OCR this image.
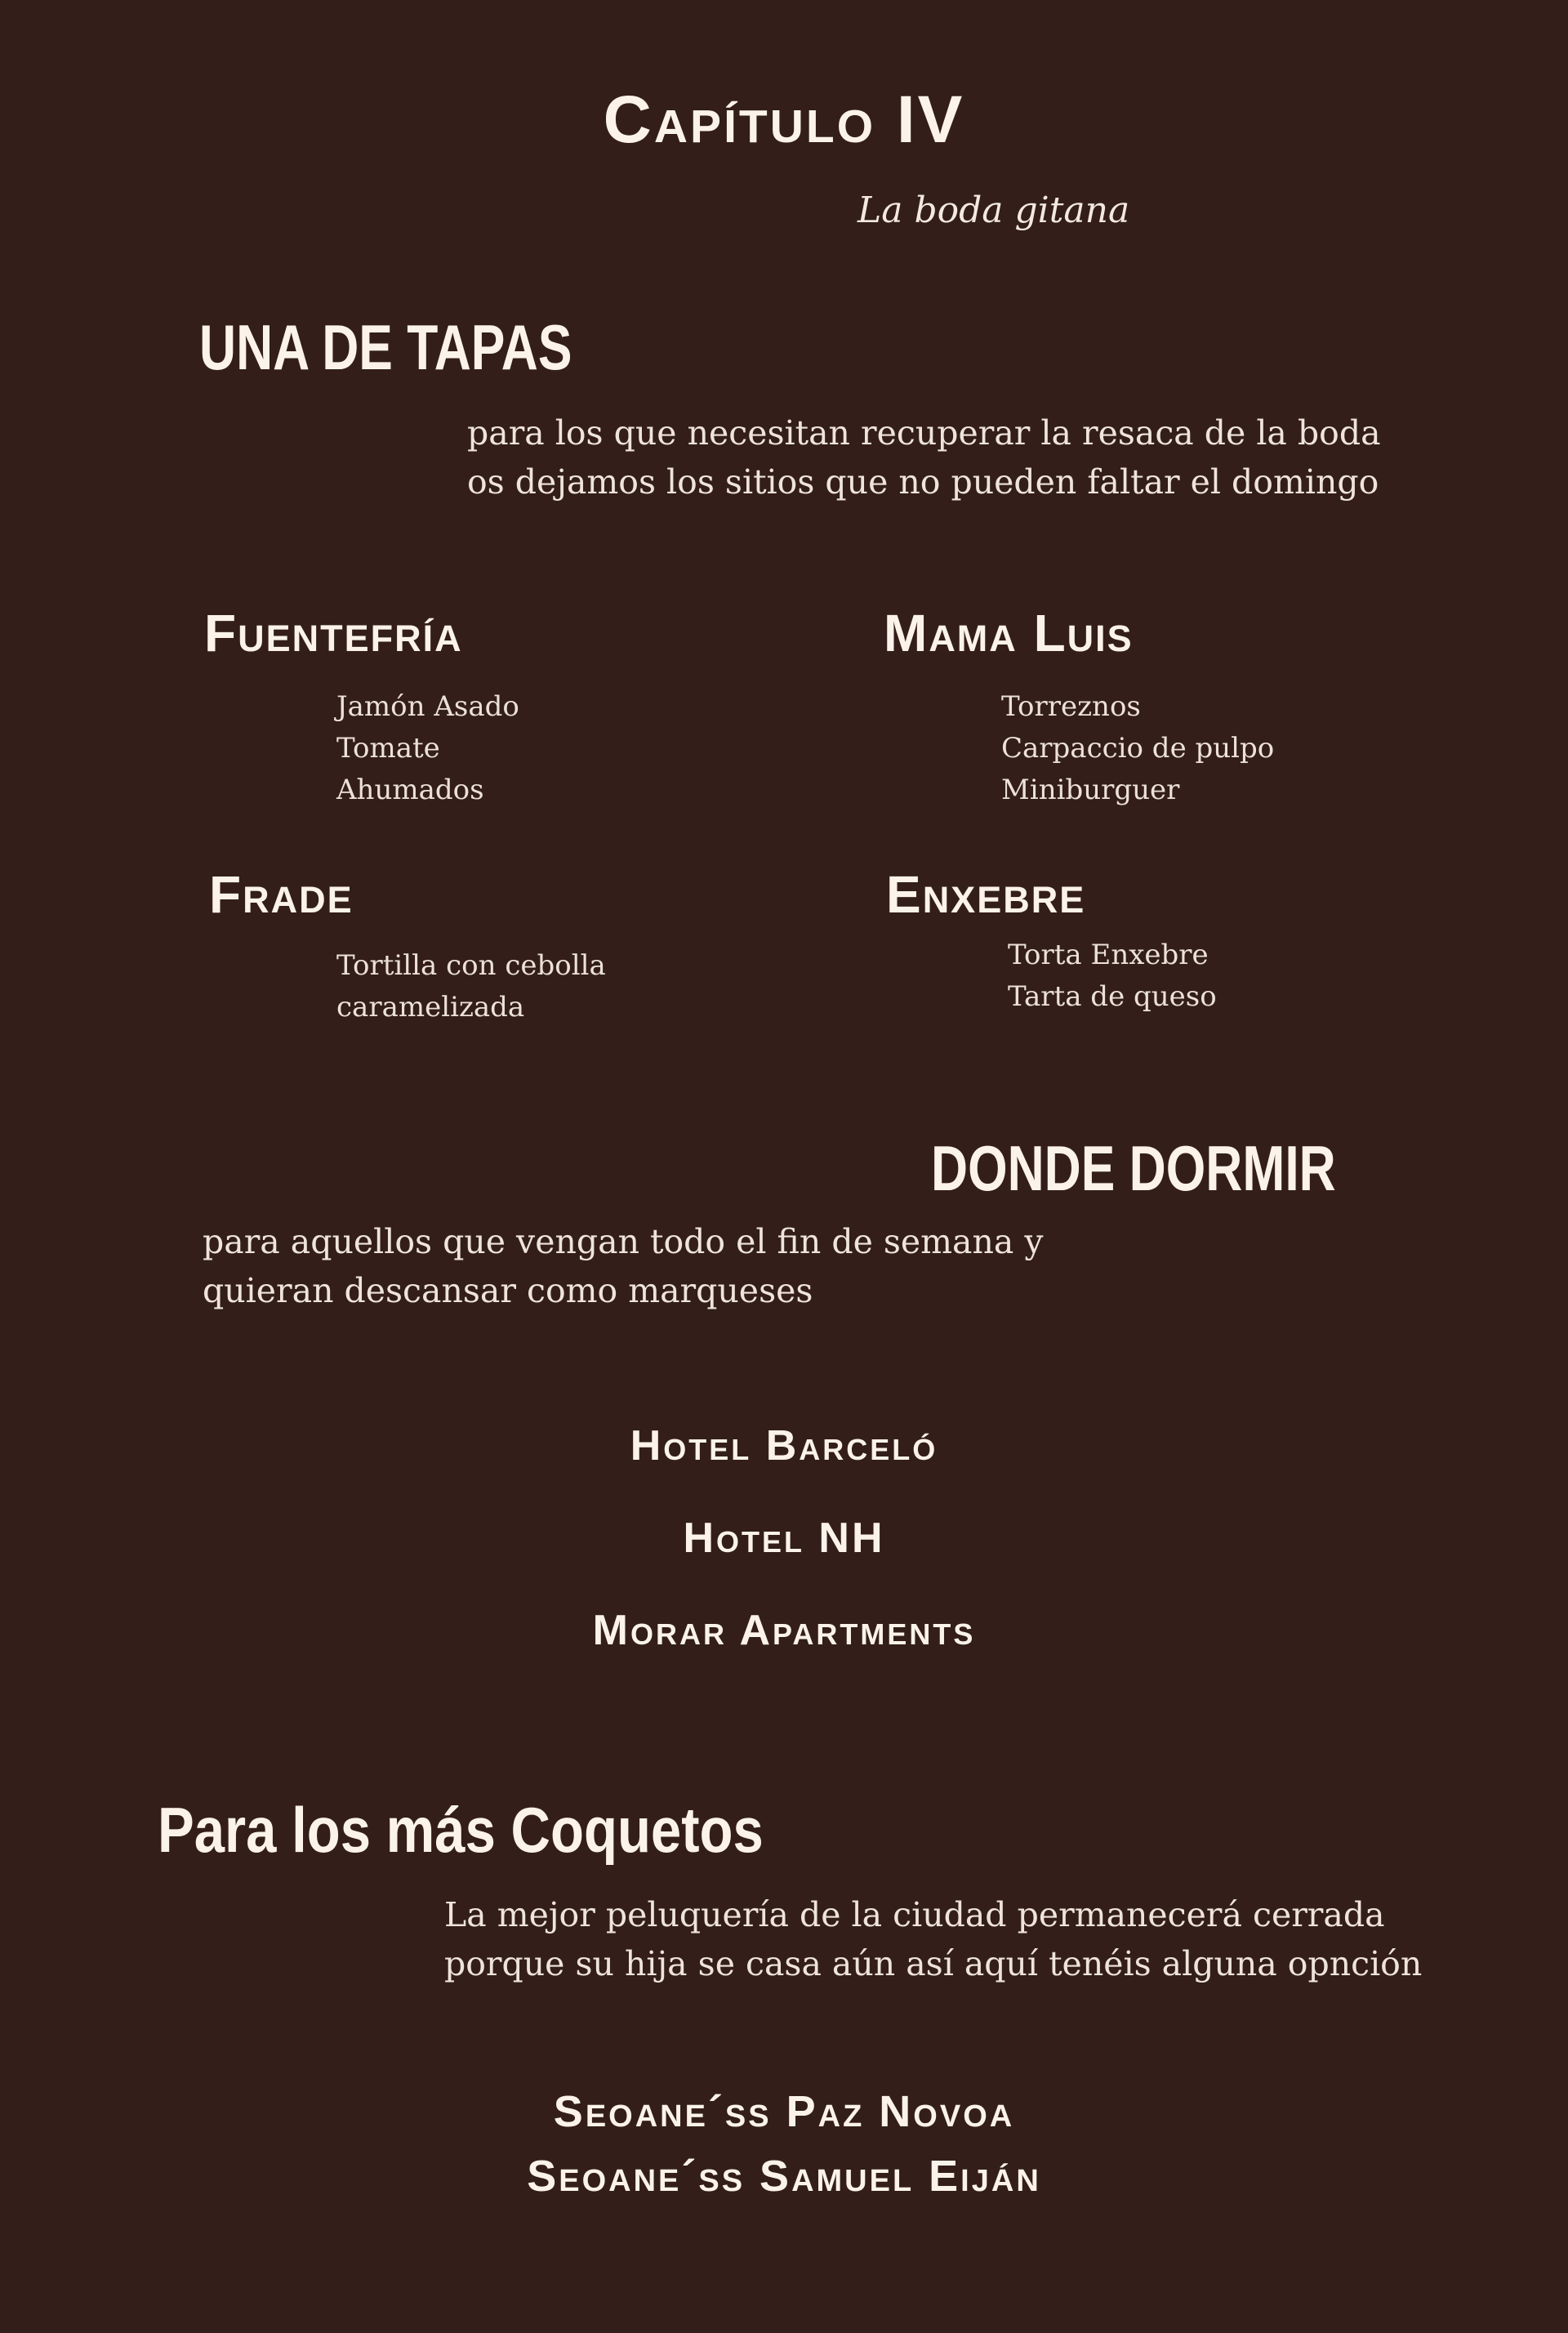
Capítulo IV
La boda gitana
UNA DE TAPAS
para los que necesitan recuperar la resaca de la boda
os dejamos los sitios que no pueden faltar el domingo
Fuentefría
Jamón Asado
Tomate
Ahumados
Mama Luis
Torreznos
Carpaccio de pulpo
Miniburguer
Frade
Tortilla con cebolla
caramelizada
Enxebre
Torta Enxebre
Tarta de queso
DONDE DORMIR
para aquellos que vengan todo el fin de semana y
quieran descansar como marqueses
Hotel Barceló
Hotel NH
Morar Apartments
Para los más Coquetos
La mejor peluquería de la ciudad permanecerá cerrada
porque su hija se casa aún así aquí tenéis alguna opnción
Seoane´ss Paz Novoa
Seoane´ss Samuel Eiján
